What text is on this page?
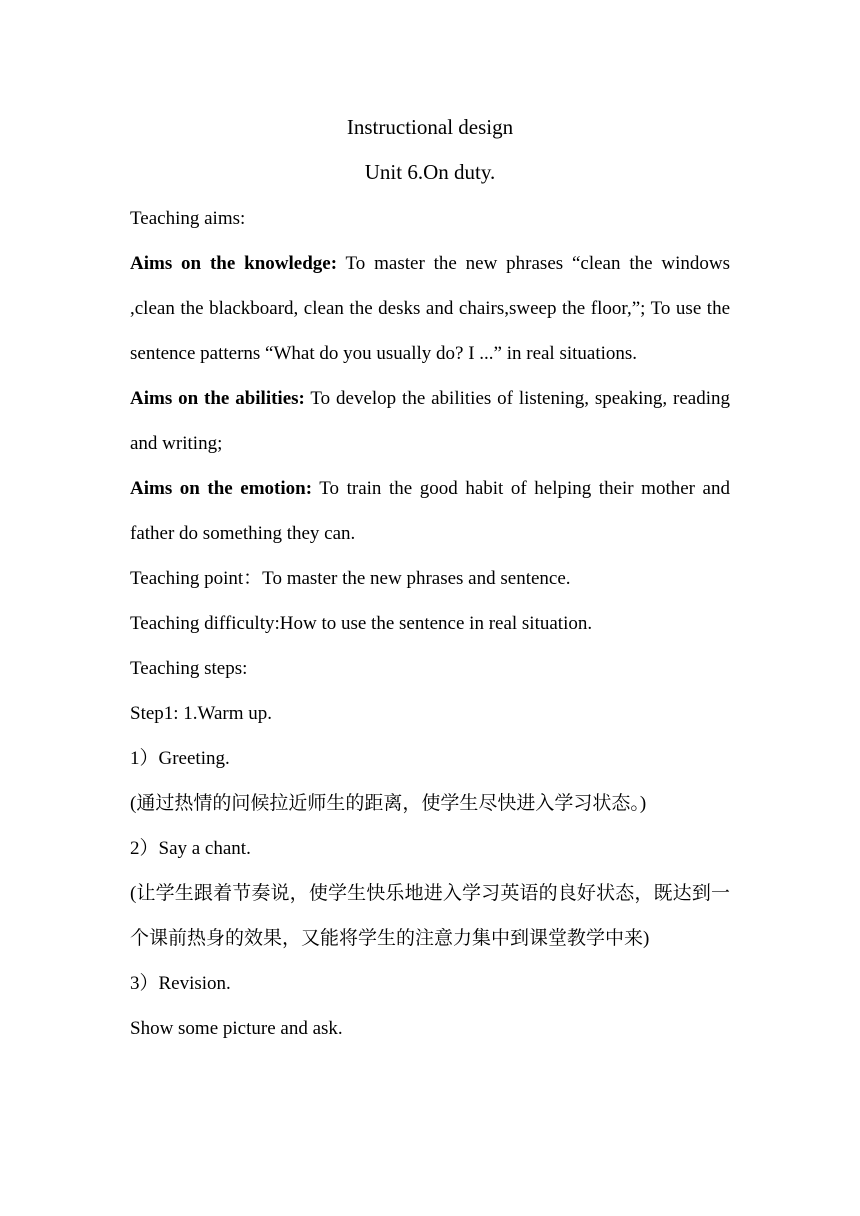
Instructional design
Unit 6.On duty.

Teaching aims:

Aims on the knowledge: To master the new phrases “clean the windows ,clean the blackboard, clean the desks and chairs,sweep the floor,”; To use the sentence patterns “What do you usually do? I ...” in real situations.

Aims on the abilities: To develop the abilities of listening, speaking, reading and writing;

Aims on the emotion: To train the good habit of helping their mother and father do something they can.

Teaching point：To master the new phrases and sentence.

Teaching difficulty:How to use the sentence in real situation.

Teaching steps:

Step1: 1.Warm up.

1）Greeting.

(通过热情的问候拉近师生的距离，使学生尽快进入学习状态。)

2）Say a chant.

(让学生跟着节奏说，使学生快乐地进入学习英语的良好状态，既达到一个课前热身的效果，又能将学生的注意力集中到课堂教学中来)

3）Revision.

Show some picture and ask.
